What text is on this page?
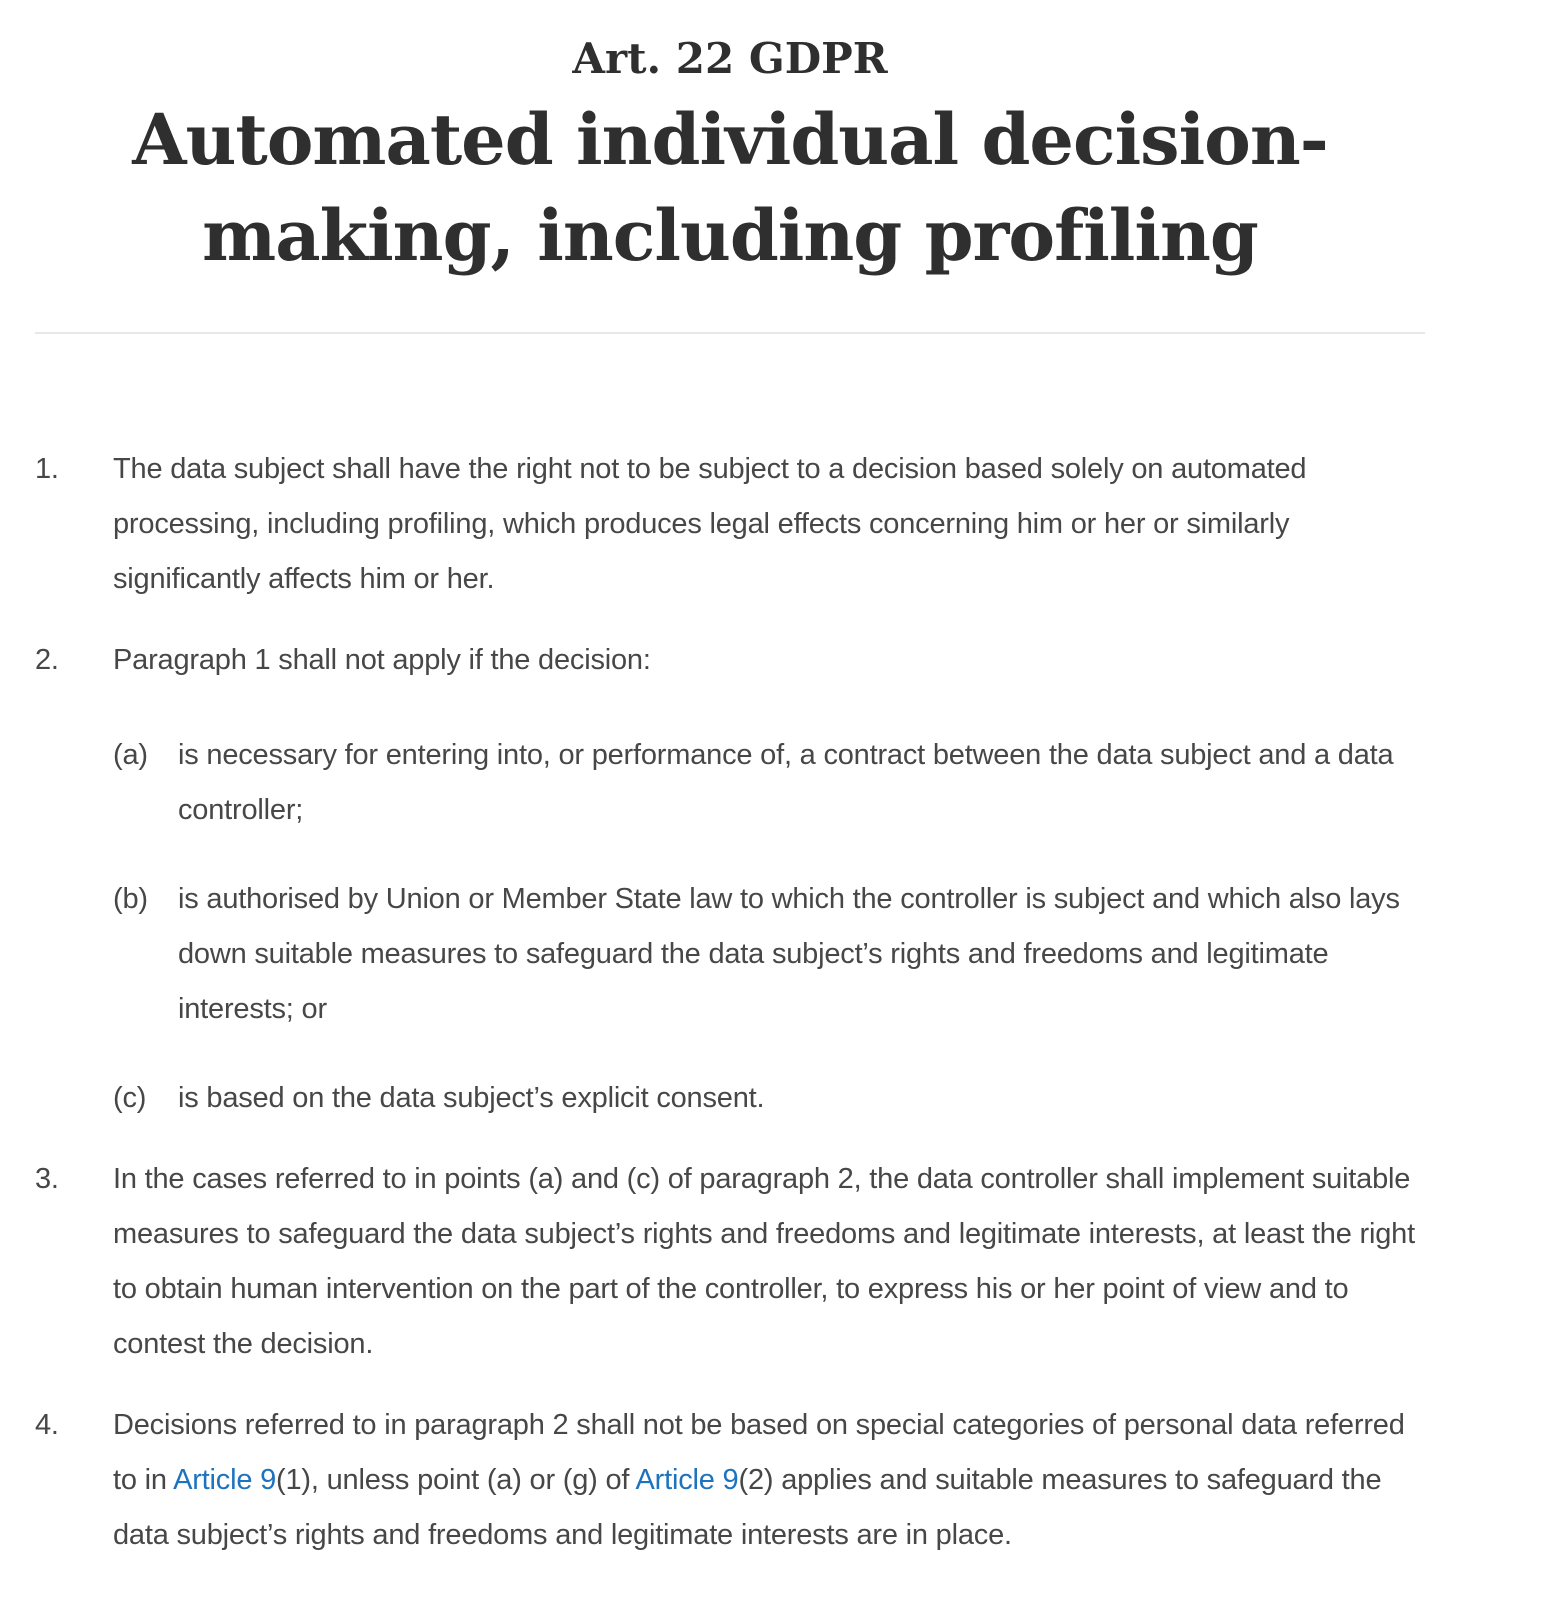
Art. 22 GDPR

Automated individual decision-making, including profiling
1.	The data subject shall have the right not to be subject to a decision based solely on automated processing, including profiling, which produces legal effects concerning him or her or similarly significantly affects him or her.
2.	Paragraph 1 shall not apply if the decision:
(a)	is necessary for entering into, or performance of, a contract between the data subject and a data controller;
(b)	is authorised by Union or Member State law to which the controller is subject and which also lays down suitable measures to safeguard the data subject’s rights and freedoms and legitimate interests; or
(c)	is based on the data subject’s explicit consent.
3.	In the cases referred to in points (a) and (c) of paragraph 2, the data controller shall implement suitable measures to safeguard the data subject’s rights and freedoms and legitimate interests, at least the right to obtain human intervention on the part of the controller, to express his or her point of view and to contest the decision.
4.	Decisions referred to in paragraph 2 shall not be based on special categories of personal data referred to in Article 9(1), unless point (a) or (g) of Article 9(2) applies and suitable measures to safeguard the data subject’s rights and freedoms and legitimate interests are in place.
